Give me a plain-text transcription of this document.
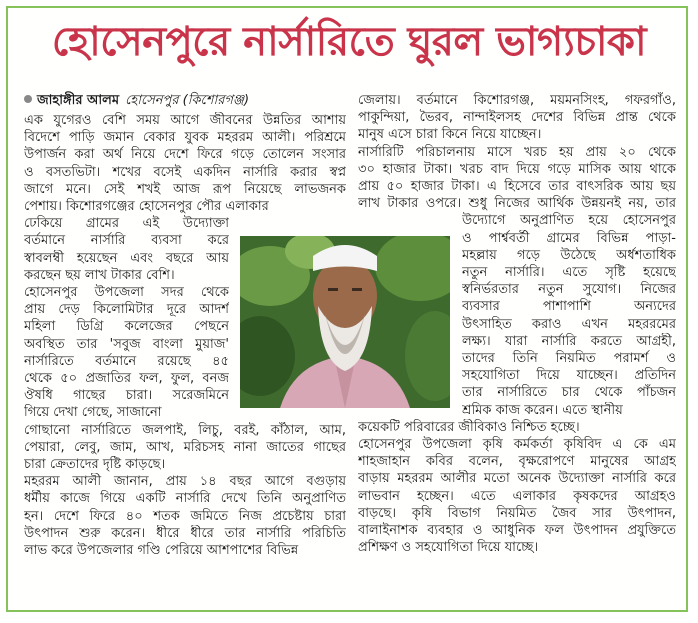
হোসেনপুরে নার্সারিতে ঘুরল ভাগ্যচাকা
জাহাঙ্গীর আলম হোসেনপুর (কিশোরগঞ্জ)
এক যুগেরও বেশি সময় আগে জীবনের উন্নতির আশায়
বিদেশে পাড়ি জমান বেকার যুবক মহররম আলী। পরিশ্রমে
উপার্জন করা অর্থ নিয়ে দেশে ফিরে গড়ে তোলেন সংসার
ও বসতভিটা। শখের বসেই একদিন নার্সারি করার স্বপ্ন
জাগে মনে। সেই শখই আজ রূপ নিয়েছে লাভজনক
পেশায়। কিশোরগঞ্জের হোসেনপুর পৌর এলাকার
ঢেকিয়ে গ্রামের এই উদ্যোক্তা
বর্তমানে নার্সারি ব্যবসা করে
স্বাবলম্বী হয়েছেন এবং বছরে আয়
করছেন ছয় লাখ টাকার বেশি।
হোসেনপুর উপজেলা সদর থেকে
প্রায় দেড় কিলোমিটার দূরে আদর্শ
মহিলা ডিগ্রি কলেজের পেছনে
অবস্থিত তার 'সবুজ বাংলা মুয়াজ'
নার্সারিতে বর্তমানে রয়েছে ৪৫
থেকে ৫০ প্রজাতির ফল, ফুল, বনজ
ঔষধি গাছের চারা। সরেজমিনে
গিয়ে দেখা গেছে, সাজানো
গোছানো নার্সারিতে জলপাই, লিচু, বরই, কাঁঠাল, আম,
পেয়ারা, লেবু, জাম, আখ, মরিচসহ নানা জাতের গাছের
চারা ক্রেতাদের দৃষ্টি কাড়ছে।
মহররম আলী জানান, প্রায় ১৪ বছর আগে বগুড়ায়
ধর্মীয় কাজে গিয়ে একটি নার্সারি দেখে তিনি অনুপ্রাণিত
হন। দেশে ফিরে ৪০ শতক জমিতে নিজ প্রচেষ্টায় চারা
উৎপাদন শুরু করেন। ধীরে ধীরে তার নার্সারি পরিচিতি
লাভ করে উপজেলার গণ্ডি পেরিয়ে আশপাশের বিভিন্ন
জেলায়। বর্তমানে কিশোরগঞ্জ, ময়মনসিংহ, গফরগাঁও,
পাকুন্দিয়া, ভৈরব, নান্দাইলসহ দেশের বিভিন্ন প্রান্ত থেকে
মানুষ এসে চারা কিনে নিয়ে যাচ্ছেন।
নার্সারিটি পরিচালনায় মাসে খরচ হয় প্রায় ২০ থেকে
৩০ হাজার টাকা। খরচ বাদ দিয়ে গড়ে মাসিক আয় থাকে
প্রায় ৫০ হাজার টাকা। এ হিসেবে তার বাৎসরিক আয় ছয়
লাখ টাকার ওপরে। শুধু নিজের আর্থিক উন্নয়নই নয়, তার
উদ্যোগে অনুপ্রাণিত হয়ে হোসেনপুর
ও পার্শ্ববর্তী গ্রামের বিভিন্ন পাড়া-
মহল্লায় গড়ে উঠেছে অর্ধশতাধিক
নতুন নার্সারি। এতে সৃষ্টি হয়েছে
স্বনির্ভরতার নতুন সুযোগ। নিজের
ব্যবসার পাশাপাশি অন্যদের
উৎসাহিত করাও এখন মহররমের
লক্ষ্য। যারা নার্সারি করতে আগ্রহী,
তাদের তিনি নিয়মিত পরামর্শ ও
সহযোগিতা দিয়ে যাচ্ছেন। প্রতিদিন
তার নার্সারিতে চার থেকে পাঁচজন
শ্রমিক কাজ করেন। এতে স্থানীয়
কয়েকটি পরিবারের জীবিকাও নিশ্চিত হচ্ছে।
হোসেনপুর উপজেলা কৃষি কর্মকর্তা কৃষিবিদ এ কে এম
শাহজাহান কবির বলেন, বৃক্ষরোপণে মানুষের আগ্রহ
বাড়ায় মহররম আলীর মতো অনেক উদ্যোক্তা নার্সারি করে
লাভবান হচ্ছেন। এতে এলাকার কৃষকদের আগ্রহও
বাড়ছে। কৃষি বিভাগ নিয়মিত জৈব সার উৎপাদন,
বালাইনাশক ব্যবহার ও আধুনিক ফল উৎপাদন প্রযুক্তিতে
প্রশিক্ষণ ও সহযোগিতা দিয়ে যাচ্ছে।
